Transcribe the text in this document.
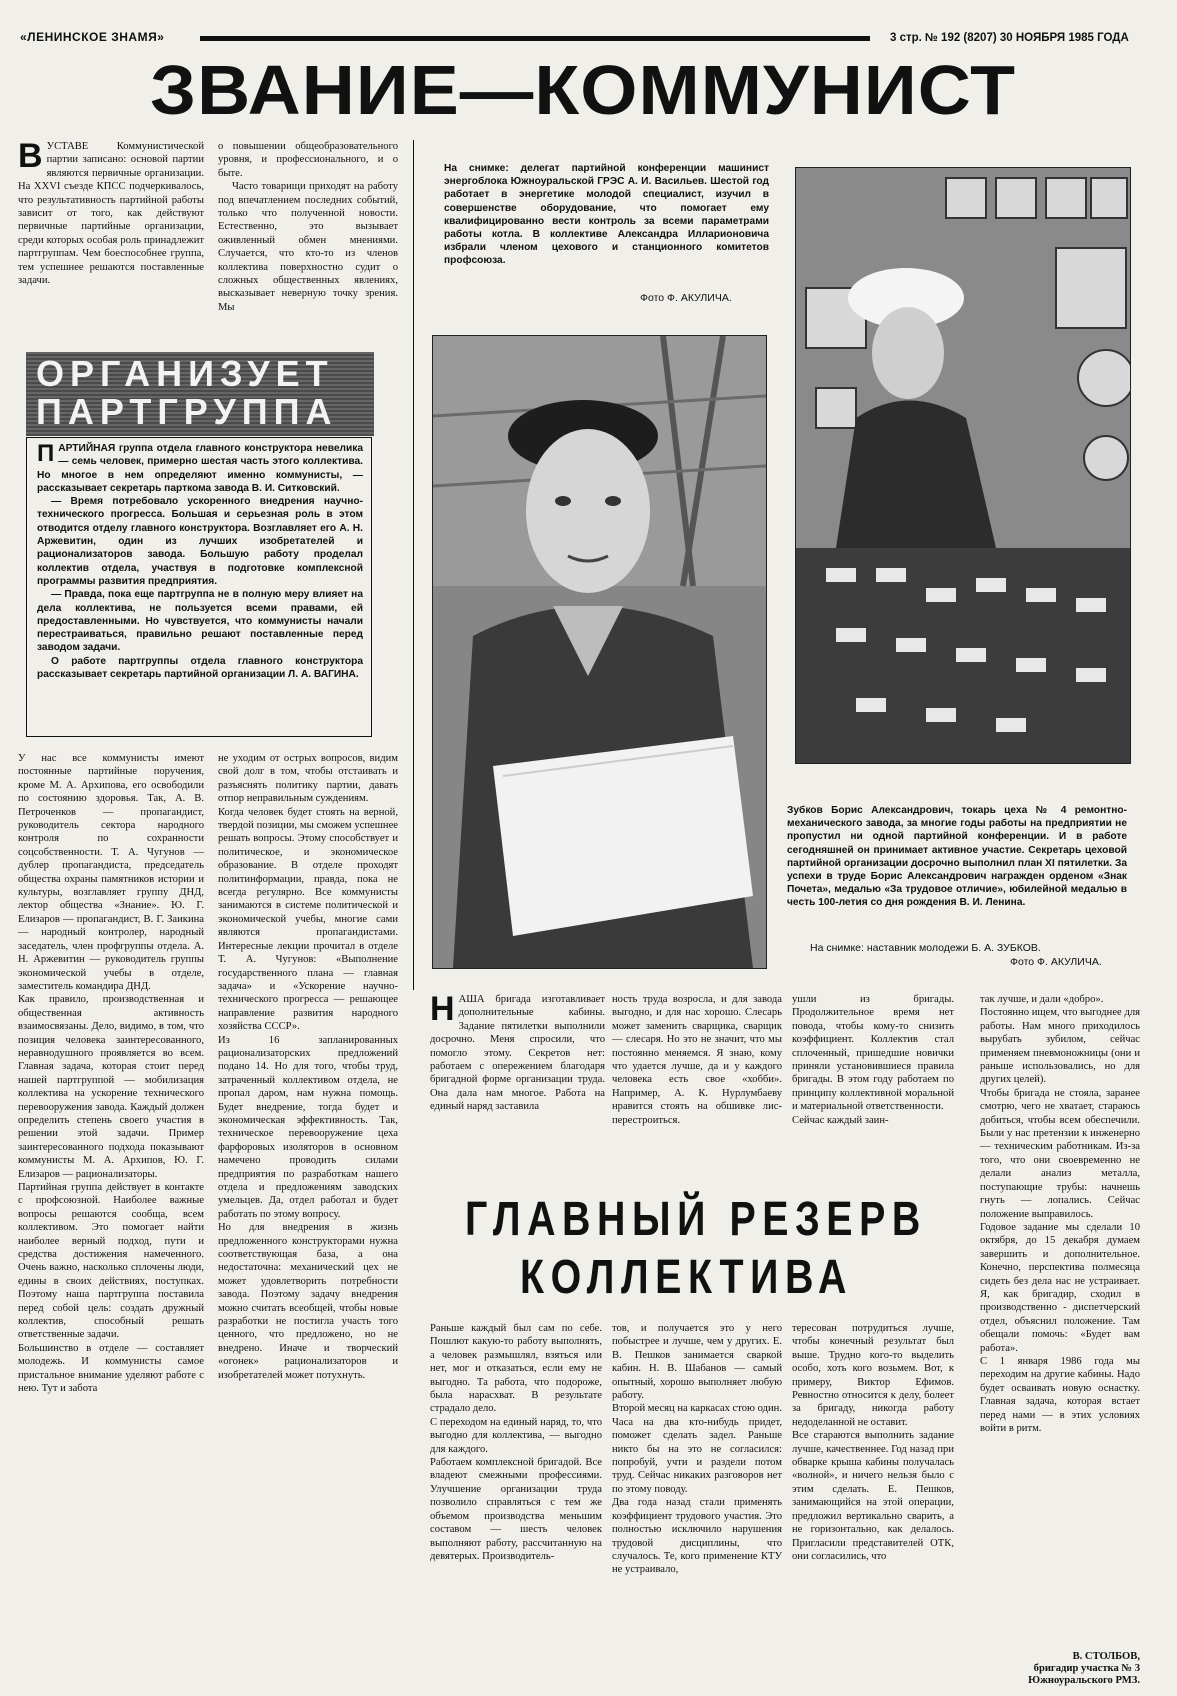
«ЛЕНИНСКОЕ ЗНАМЯ»	3 стр. № 192 (8207) 30 НОЯБРЯ 1985 ГОДА
ЗВАНИЕ—КОММУНИСТ
В УСТАВЕ Коммунистической партии записано: основой партии являются первичные организации. На XXVI съезде КПСС подчеркивалось, что результативность партийной работы зависит от того, как действуют первичные партийные организации, среди которых особая роль принадлежит партгруппам. Чем боеспособнее группа, тем успешнее решаются поставленные задачи.
о повышении общеобразовательного уровня, и профессионального, и о быте.
Часто товарищи приходят на работу под впечатлением последних событий, только что полученной новости. Естественно, это вызывает оживленный обмен мнениями. Случается, что кто-то из членов коллектива поверхностно судит о сложных общественных явлениях, высказывает неверную точку зрения. Мы
ОРГАНИЗУЕТ
ПАРТГРУППА
П АРТИЙНАЯ группа отдела главного конструктора невелика — семь человек, примерно шестая часть этого коллектива. Но многое в нем определяют именно коммунисты, — рассказывает секретарь парткома завода В. И. Ситковский.
— Время потребовало ускоренного внедрения научно-технического прогресса. Большая и серьезная роль в этом отводится отделу главного конструктора. Возглавляет его А. Н. Аржевитин, один из лучших изобретателей и рационализаторов завода. Большую работу проделал коллектив отдела, участвуя в подготовке комплексной программы развития предприятия.
— Правда, пока еще партгруппа не в полную меру влияет на дела коллектива, не пользуется всеми правами, ей предоставленными. Но чувствуется, что коммунисты начали перестраиваться, правильно решают поставленные перед заводом задачи.
О работе партгруппы отдела главного конструктора рассказывает секретарь партийной организации Л. А. ВАГИНА.
У нас все коммунисты имеют постоянные партийные поручения, кроме М. А. Архипова, его освободили по состоянию здоровья. Так, А. В. Петроченков — пропагандист, руководитель сектора народного контроля по сохранности соцсобственности. Т. А. Чугунов — дублер пропагандиста, председатель общества охраны памятников истории и культуры, возглавляет группу ДНД, лектор общества «Знание». Ю. Г. Елизаров — пропагандист, В. Г. Заикина — народный контролер, народный заседатель, член профгруппы отдела. А. Н. Аржевитин — руководитель группы экономической учебы в отделе, заместитель командира ДНД.
Как правило, производственная и общественная активность взаимосвязаны. Дело, видимо, в том, что позиция человека заинтересованного, неравнодушного проявляется во всем. Главная задача, которая стоит перед нашей партгруппой — мобилизация коллектива на ускорение технического перевооружения завода. Каждый должен определить степень своего участия в решении этой задачи. Пример заинтересованного подхода показывают коммунисты М. А. Архипов, Ю. Г. Елизаров — рационализаторы.
Партийная группа действует в контакте с профсоюзной. Наиболее важные вопросы решаются сообща, всем коллективом. Это помогает найти наиболее верный подход, пути и средства достижения намеченного. Очень важно, насколько сплочены люди, едины в своих действиях, поступках. Поэтому наша партгруппа поставила перед собой цель: создать дружный коллектив, способный решать ответственные задачи.
Большинство в отделе — составляет молодежь. И коммунисты самое пристальное внимание уделяют работе с нею. Тут и забота
не уходим от острых вопросов, видим свой долг в том, чтобы отстаивать и разъяснять политику партии, давать отпор неправильным суждениям.
Когда человек будет стоять на верной, твердой позиции, мы сможем успешнее решать вопросы. Этому способствует и политическое, и экономическое образование. В отделе проходят политинформации, правда, пока не всегда регулярно. Все коммунисты занимаются в системе политической и экономической учебы, многие сами являются пропагандистами. Интересные лекции прочитал в отделе Т. А. Чугунов: «Выполнение государственного плана — главная задача» и «Ускорение научно-технического прогресса — решающее направление развития народного хозяйства СССР».
Из 16 запланированных рационализаторских предложений подано 14. Но для того, чтобы труд, затраченный коллективом отдела, не пропал даром, нам нужна помощь. Будет внедрение, тогда будет и экономическая эффективность. Так, техническое перевооружение цеха фарфоровых изоляторов в основном намечено проводить силами предприятия по разработкам нашего отдела и предложениям заводских умельцев. Да, отдел работал и будет работать по этому вопросу.
Но для внедрения в жизнь предложенного конструкторами нужна соответствующая база, а она недостаточна: механический цех не может удовлетворить потребности завода. Поэтому задачу внедрения можно считать всеобщей, чтобы новые разработки не постигла участь того ценного, что предложено, но не внедрено. Иначе и творческий «огонек» рационализаторов и изобретателей может потухнуть.
На снимке: делегат партийной конференции машинист энергоблока Южноуральской ГРЭС А. И. Васильев. Шестой год работает в энергетике молодой специалист, изучил в совершенстве оборудование, что помогает ему квалифицированно вести контроль за всеми параметрами работы котла. В коллективе Александра Илларионовича избрали членом цехового и станционного комитетов профсоюза.
Фото Ф. АКУЛИЧА.
Зубков Борис Александрович, токарь цеха № 4 ремонтно-механического завода, за многие годы работы на предприятии не пропустил ни одной партийной конференции. И в работе сегодняшней он принимает активное участие. Секретарь цеховой партийной организации досрочно выполнил план XI пятилетки. За успехи в труде Борис Александрович награжден орденом «Знак Почета», медалью «За трудовое отличие», юбилейной медалью в честь 100-летия со дня рождения В. И. Ленина.
На снимке: наставник молодежи Б. А. ЗУБКОВ.
Фото Ф. АКУЛИЧА.
Н АША бригада изготавливает дополнительные кабины. Задание пятилетки выполнили досрочно. Меня спросили, что помогло этому. Секретов нет: работаем с опережением благодаря бригадной форме организации труда. Она дала нам многое. Работа на единый наряд заставила
ность труда возросла, и для завода выгодно, и для нас хорошо. Слесарь может заменить сварщика, сварщик — слесаря. Но это не значит, что мы постоянно меняемся. Я знаю, кому что удается лучше, да и у каждого человека есть свое «хобби». Например, А. К. Нурлумбаеву нравится стоять на обшивке лис-перестроиться.
ушли из бригады. Продолжительное время нет повода, чтобы кому-то снизить коэффициент. Коллектив стал сплоченный, пришедшие новички приняли установившиеся правила бригады. В этом году работаем по принципу коллективной моральной и материальной ответственности.
Сейчас каждый заин-
так лучше, и дали «добро».
Постоянно ищем, что выгоднее для работы. Нам много приходилось вырубать зубилом, сейчас применяем пневмоножницы (они и раньше использовались, но для других целей).
Чтобы бригада не стояла, заранее смотрю, чего не хватает, стараюсь добиться, чтобы всем обеспечили. Были у нас претензии к инженерно — техническим работникам. Из-за того, что они своевременно не делали анализ металла, поступающие трубы: начнешь гнуть — лопались. Сейчас положение выправилось.
Годовое задание мы сделали 10 октября, до 15 декабря думаем завершить и дополнительное. Конечно, перспектива полмесяца сидеть без дела нас не устраивает. Я, как бригадир, сходил в производственно - диспетчерский отдел, объяснил положение. Там обещали помочь: «Будет вам работа».
С 1 января 1986 года мы переходим на другие кабины. Надо будет осваивать новую оснастку. Главная задача, которая встает перед нами — в этих условиях войти в ритм.
В. СТОЛБОВ,
бригадир участка № 3 Южноуральского РМЗ.
ГЛАВНЫЙ РЕЗЕРВ
КОЛЛЕКТИВА
Раньше каждый был сам по себе. Пошлют какую-то работу выполнять, а человек размышлял, взяться или нет, мог и отказаться, если ему не выгодно. Та работа, что подороже, была нарасхват. В результате страдало дело.
С переходом на единый наряд, то, что выгодно для коллектива, — выгодно для каждого.
Работаем комплексной бригадой. Все владеют смежными профессиями. Улучшение организации труда позволило справляться с тем же объемом производства меньшим составом — шесть человек выполняют работу, рассчитанную на девятерых. Производитель-
тов, и получается это у него побыстрее и лучше, чем у других. Е. В. Пешков занимается сваркой кабин. Н. В. Шабанов — самый опытный, хорошо выполняет любую работу.
Второй месяц на каркасах стою один. Часа на два кто-нибудь придет, поможет сделать задел. Раньше никто бы на это не согласился: попробуй, учти и раздели потом труд. Сейчас никаких разговоров нет по этому поводу.
Два года назад стали применять коэффициент трудового участия. Это полностью исключило нарушения трудовой дисциплины, что случалось. Те, кого применение КТУ не устраивало,
тересован потрудиться лучше, чтобы конечный результат был выше. Трудно кого-то выделить особо, хоть кого возьмем. Вот, к примеру, Виктор Ефимов. Ревностно относится к делу, болеет за бригаду, никогда работу недоделанной не оставит.
Все стараются выполнить задание лучше, качественнее. Год назад при обварке крыша кабины получалась «волной», и ничего нельзя было с этим сделать. Е. Пешков, занимающийся на этой операции, предложил вертикально сварить, а не горизонтально, как делалось. Пригласили представителей ОТК, они согласились, что
